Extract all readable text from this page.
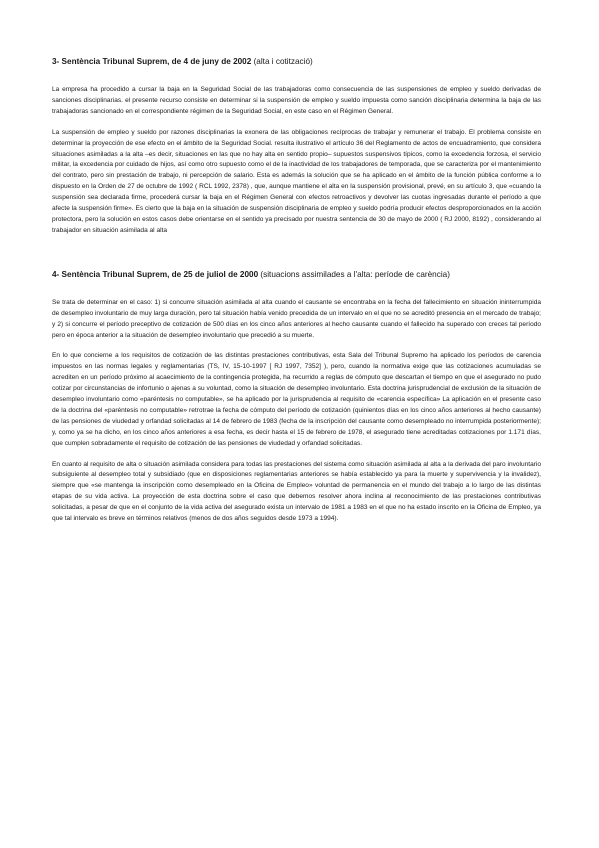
3- Sentència Tribunal Suprem, de 4 de juny de 2002 (alta i cotització)

La empresa ha procedido a cursar la baja en la Seguridad Social de las trabajadoras como consecuencia de las suspensiones de empleo y sueldo derivadas de sanciones disciplinarias. el presente recurso consiste en determinar si la suspensión de empleo y sueldo impuesta como sanción disciplinaria determina la baja de las trabajadoras sancionado en el correspondiente régimen de la Seguridad Social, en este caso en el Régimen General.

La suspensión de empleo y sueldo por razones disciplinarias la exonera de las obligaciones recíprocas de trabajar y remunerar el trabajo. El problema consiste en determinar la proyección de ese efecto en el ámbito de la Seguridad Social. resulta ilustrativo el artículo 36 del Reglamento de actos de encuadramiento, que considera situaciones asimiladas a la alta –es decir, situaciones en las que no hay alta en sentido propio– supuestos suspensivos típicos, como la excedencia forzosa, el servicio militar, la excedencia por cuidado de hijos, así como otro supuesto como el de la inactividad de los trabajadores de temporada, que se caracteriza por el mantenimiento del contrato, pero sin prestación de trabajo, ni percepción de salario. Esta es además la solución que se ha aplicado en el ámbito de la función pública conforme a lo dispuesto en la Orden de 27 de octubre de 1992 ( RCL 1992, 2378) , que, aunque mantiene el alta en la suspensión provisional, prevé, en su artículo 3, que «cuando la suspensión sea declarada firme, procederá cursar la baja en el Régimen General con efectos retroactivos y devolver las cuotas ingresadas durante el período a que afecte la suspensión firme». Es cierto que la baja en la situación de suspensión disciplinaria de empleo y sueldo podría producir efectos desproporcionados en la acción protectora, pero la solución en estos casos debe orientarse en el sentido ya precisado por nuestra sentencia de 30 de mayo de 2000 ( RJ 2000, 8192) , considerando al trabajador en situación asimilada al alta

4- Sentència Tribunal Suprem, de 25 de juliol de 2000 (situacions assimilades a l'alta: període de carència)

Se trata de determinar en el caso: 1) si concurre situación asimilada al alta cuando el causante se encontraba en la fecha del fallecimiento en situación ininterrumpida de desempleo involuntario de muy larga duración, pero tal situación había venido precedida de un intervalo en el que no se acreditó presencia en el mercado de trabajo; y 2) si concurre el período preceptivo de cotización de 500 días en los cinco años anteriores al hecho causante cuando el fallecido ha superado con creces tal período pero en época anterior a la situación de desempleo involuntario que precedió a su muerte.

En lo que concierne a los requisitos de cotización de las distintas prestaciones contributivas, esta Sala del Tribunal Supremo ha aplicado los períodos de carencia impuestos en las normas legales y reglamentarias (TS, IV, 15-10-1997 [ RJ 1997, 7352] ), pero, cuando la normativa exige que las cotizaciones acumuladas se acrediten en un período próximo al acaecimiento de la contingencia protegida, ha recurrido a reglas de cómputo que descartan el tiempo en que el asegurado no pudo cotizar por circunstancias de infortunio o ajenas a su voluntad, como la situación de desempleo involuntario. Esta doctrina jurisprudencial de exclusión de la situación de desempleo involuntario como «paréntesis no computable», se ha aplicado por la jurisprudencia al requisito de «carencia específica» La aplicación en el presente caso de la doctrina del «paréntesis no computable» retrotrae la fecha de cómputo del período de cotización (quinientos días en los cinco años anteriores al hecho causante) de las pensiones de viudedad y orfandad solicitadas al 14 de febrero de 1983 (fecha de la inscripción del causante como desempleado no interrumpida posteriormente); y, como ya se ha dicho, en los cinco años anteriores a esa fecha, es decir hasta el 15 de febrero de 1978, el asegurado tiene acreditadas cotizaciones por 1.171 días, que cumplen sobradamente el requisito de cotización de las pensiones de viudedad y orfandad solicitadas.

En cuanto al requisito de alta o situación asimilada considera para todas las prestaciones del sistema como situación asimilada al alta a la derivada del paro involuntario subsiguiente al desempleo total y subsidiado (que en disposiciones reglamentarias anteriores se había establecido ya para la muerte y supervivencia y la invalidez), siempre que «se mantenga la inscripción como desempleado en la Oficina de Empleo» voluntad de permanencia en el mundo del trabajo a lo largo de las distintas etapas de su vida activa. La proyección de esta doctrina sobre el caso que debemos resolver ahora inclina al reconocimiento de las prestaciones contributivas solicitadas, a pesar de que en el conjunto de la vida activa del asegurado exista un intervalo de 1981 a 1983 en el que no ha estado inscrito en la Oficina de Empleo, ya que tal intervalo es breve en términos relativos (menos de dos años seguidos desde 1973 a 1994).
